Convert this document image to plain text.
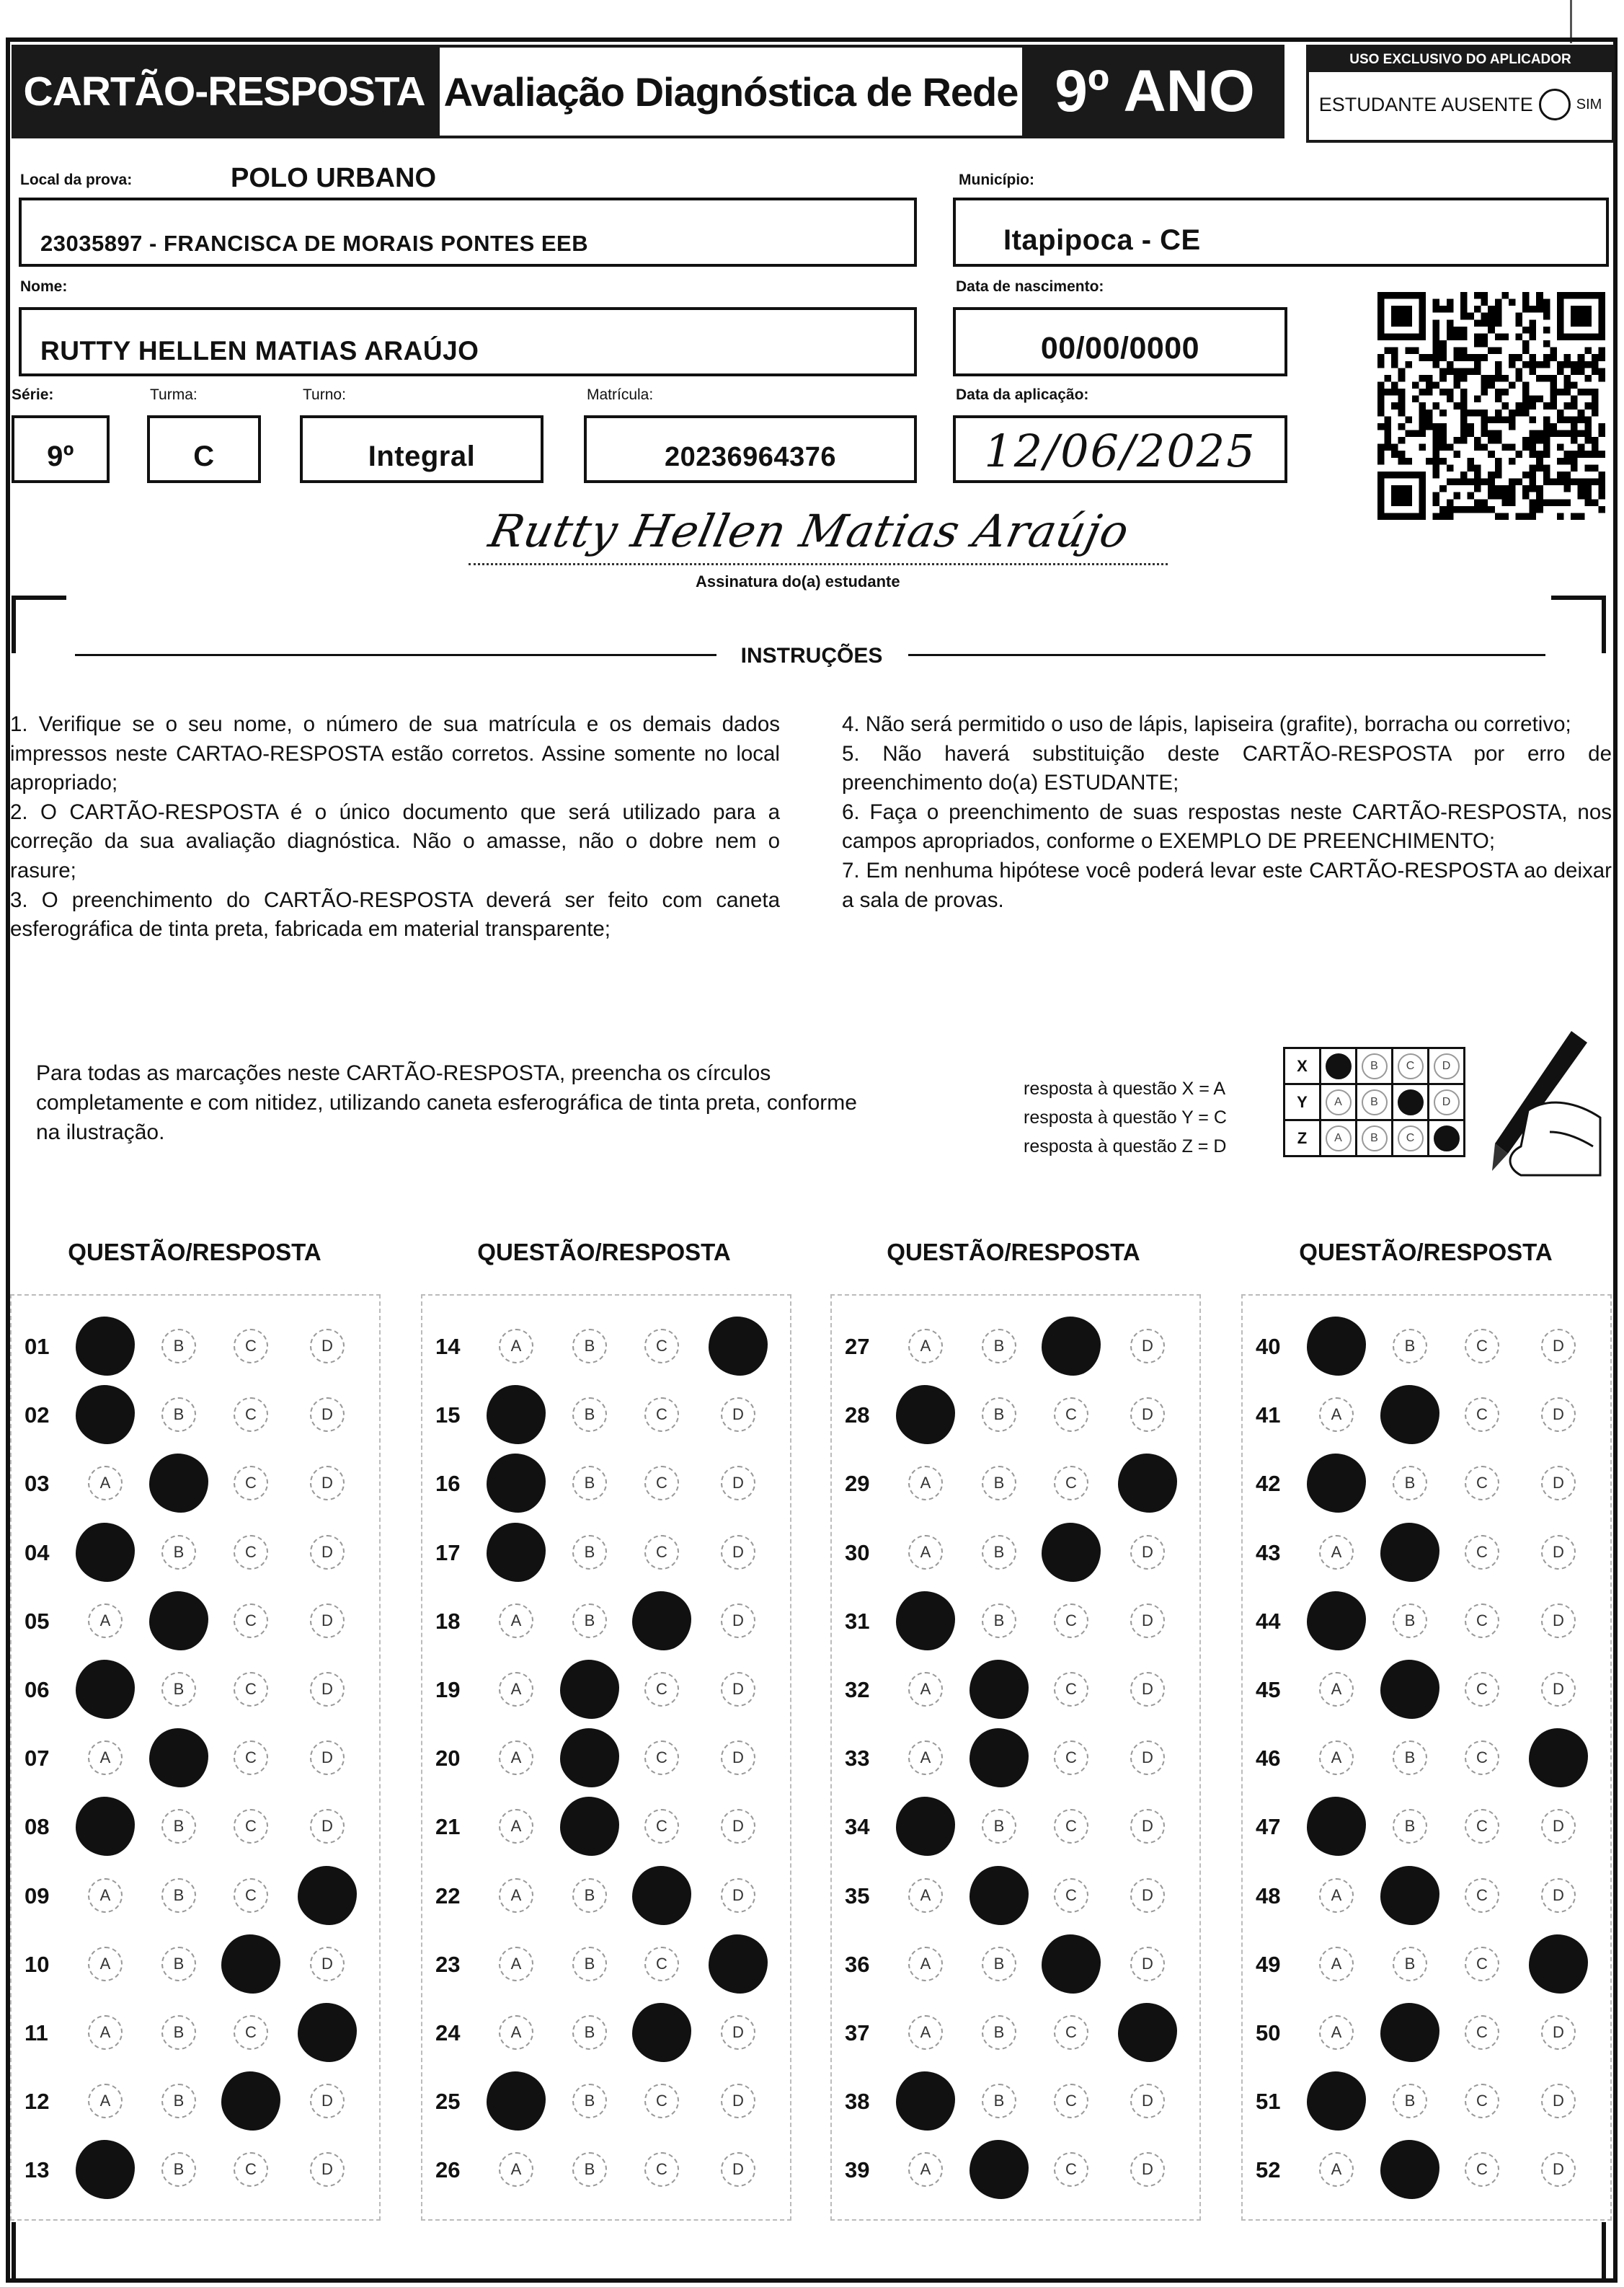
CARTÃO-RESPOSTA Avaliação Diagnóstica de Rede 9º ANO	USO EXCLUSIVO DO APLICADOR
ESTUDANTE AUSENTE	SIM
Local da prova:	POLO URBANO
23035897 - FRANCISCA DE MORAIS PONTES EEB
Município:
Itapipoca - CE
Nome:
RUTTY HELLEN MATIAS ARAÚJO
Data de nascimento:
00/00/0000
Série:
9º
Turma:
C
Turno:
Integral
Matrícula:
20236964376
Data da aplicação:
12/06/2025
Rutty Hellen Matias Araújo
Assinatura do(a) estudante
INSTRUÇÕES

1. Verifique se o seu nome, o número de sua matrícula e os demais dados impressos neste CARTAO-RESPOSTA estão corretos. Assine somente no local apropriado;

2. O CARTÃO-RESPOSTA é o único documento que será utilizado para a correção da sua avaliação diagnóstica. Não o amasse, não o dobre nem o rasure;

3. O preenchimento do CARTÃO-RESPOSTA deverá ser feito com caneta esferográfica de tinta preta, fabricada em material transparente;

4. Não será permitido o uso de lápis, lapiseira (grafite), borracha ou corretivo;

5. Não haverá substituição deste CARTÃO-RESPOSTA por erro de preenchimento do(a) ESTUDANTE;

6. Faça o preenchimento de suas respostas neste CARTÃO-RESPOSTA, nos campos apropriados, conforme o EXEMPLO DE PREENCHIMENTO;

7. Em nenhuma hipótese você poderá levar este CARTÃO-RESPOSTA ao deixar a sala de provas.

Para todas as marcações neste CARTÃO-RESPOSTA, preencha os círculos completamente e com nitidez, utilizando caneta esferográfica de tinta preta, conforme na ilustração.
resposta à questão X = A
resposta à questão Y = C
resposta à questão Z = D
X		B	C	D
Y	A	B		D
Z	A	B	C	
QUESTÃO/RESPOSTA	QUESTÃO/RESPOSTA	QUESTÃO/RESPOSTA	QUESTÃO/RESPOSTA
01	B	C	D
02	B	C	D
03	A	C	D
04	B	C	D
05	A	C	D
06	B	C	D
07	A	C	D
08	B	C	D
09	A	B	C
10	A	B	D
11	A	B	C
12	A	B	D
13	B	C	D
14	A	B	C
15	B	C	D
16	B	C	D
17	B	C	D
18	A	B	D
19	A	C	D
20	A	C	D
21	A	C	D
22	A	B	D
23	A	B	C
24	A	B	D
25	B	C	D
26	A	B	C	D
27	A	B	D
28	B	C	D
29	A	B	C
30	A	B	D
31	B	C	D
32	A	C	D
33	A	C	D
34	B	C	D
35	A	C	D
36	A	B	D
37	A	B	C
38	B	C	D
39	A	C	D
40	B	C	D
41	A	C	D
42	B	C	D
43	A	C	D
44	B	C	D
45	A	C	D
46	A	B	C
47	B	C	D
48	A	C	D
49	A	B	C
50	A	C	D
51	B	C	D
52	A	C	D
